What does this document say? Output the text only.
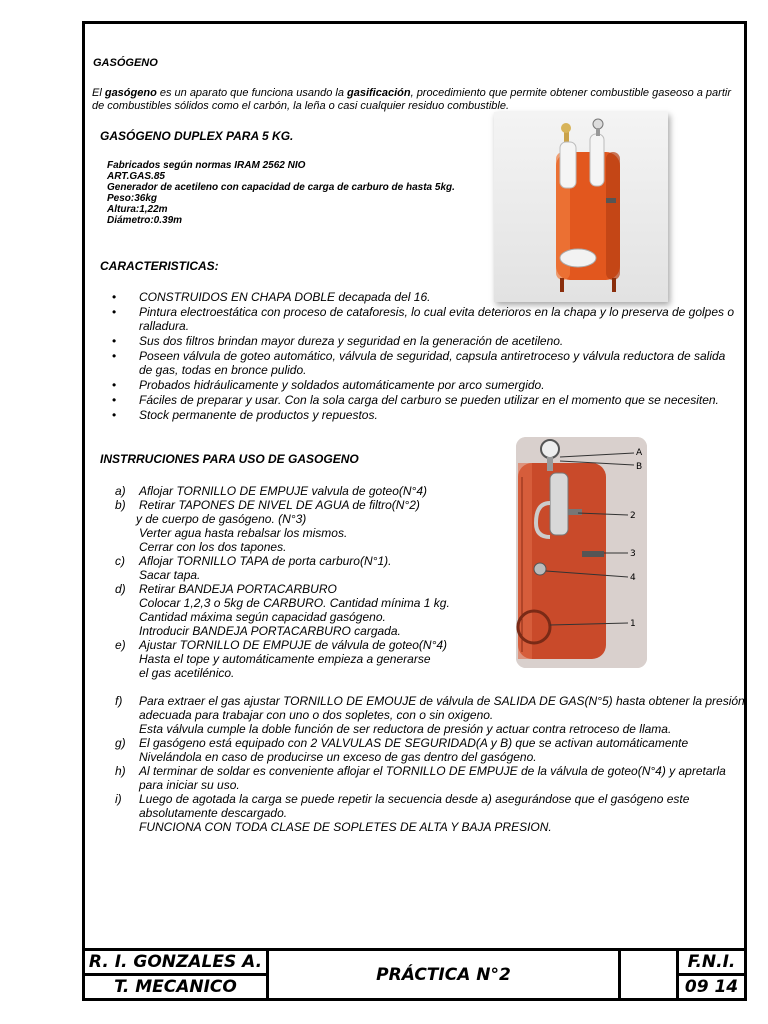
GASÓGENO
El gasógeno es un aparato que funciona usando la gasificación, procedimiento que permite obtener combustible gaseoso a partir de combustibles sólidos como el carbón, la leña o casi cualquier residuo combustible.
GASÓGENO DUPLEX PARA 5 KG.
Fabricados según normas IRAM 2562 NIO
ART.GAS.85
Generador de acetileno con capacidad de carga de carburo de hasta 5kg.
Peso:36kg
Altura:1,22m
Diámetro:0.39m
CARACTERISTICAS:
• CONSTRUIDOS EN CHAPA DOBLE decapada del 16.
• Pintura electroestática con proceso de cataforesis, lo cual evita deterioros en la chapa y lo preserva de golpes o ralladura.
• Sus dos filtros brindan mayor dureza y seguridad en la generación de acetileno.
• Poseen válvula de goteo automático, válvula de seguridad, capsula antiretroceso y válvula reductora de salida de gas, todas en bronce pulido.
• Probados hidráulicamente y soldados automáticamente por arco sumergido.
• Fáciles de preparar y usar. Con la sola carga del carburo se pueden utilizar en el momento que se necesiten.
• Stock permanente de productos y repuestos.
INSTRRUCIONES PARA USO DE GASOGENO	A
B
2
3
4
1
a) Aflojar TORNILLO DE EMPUJE valvula de goteo(N°4)
b) Retirar TAPONES DE NIVEL DE AGUA de filtro(N°2)
y de cuerpo de gasógeno. (N°3)
Verter agua hasta rebalsar los mismos.
Cerrar con los dos tapones.
c) Aflojar TORNILLO TAPA de porta carburo(N°1).
Sacar tapa.
d) Retirar BANDEJA PORTACARBURO
Colocar 1,2,3 o 5kg de CARBURO. Cantidad mínima 1 kg.
Cantidad máxima según capacidad gasógeno.
Introducir BANDEJA PORTACARBURO cargada.
e) Ajustar TORNILLO DE EMPUJE de válvula de goteo(N°4)
Hasta el tope y automáticamente empieza a generarse
el gas acetilénico.
f) Para extraer el gas ajustar TORNILLO DE EMOUJE de válvula de SALIDA DE GAS(N°5) hasta obtener la presión adecuada para trabajar con uno o dos sopletes, con o sin oxigeno.
Esta válvula cumple la doble función de ser reductora de presión y actuar contra retroceso de llama.
g) El gasógeno está equipado con 2 VALVULAS DE SEGURIDAD(A y B) que se activan automáticamente Nivelándola en caso de producirse un exceso de gas dentro del gasógeno.
h) Al terminar de soldar es conveniente aflojar el TORNILLO DE EMPUJE de la válvula de goteo(N°4) y apretarla para iniciar su uso.
i) Luego de agotada la carga se puede repetir la secuencia desde a) asegurándose que el gasógeno este absolutamente descargado.
FUNCIONA CON TODA CLASE DE SOPLETES DE ALTA Y BAJA PRESION.
R. I. GONZALES A.
T. MECANICO
PRÁCTICA N°2
F.N.I.
09 14
